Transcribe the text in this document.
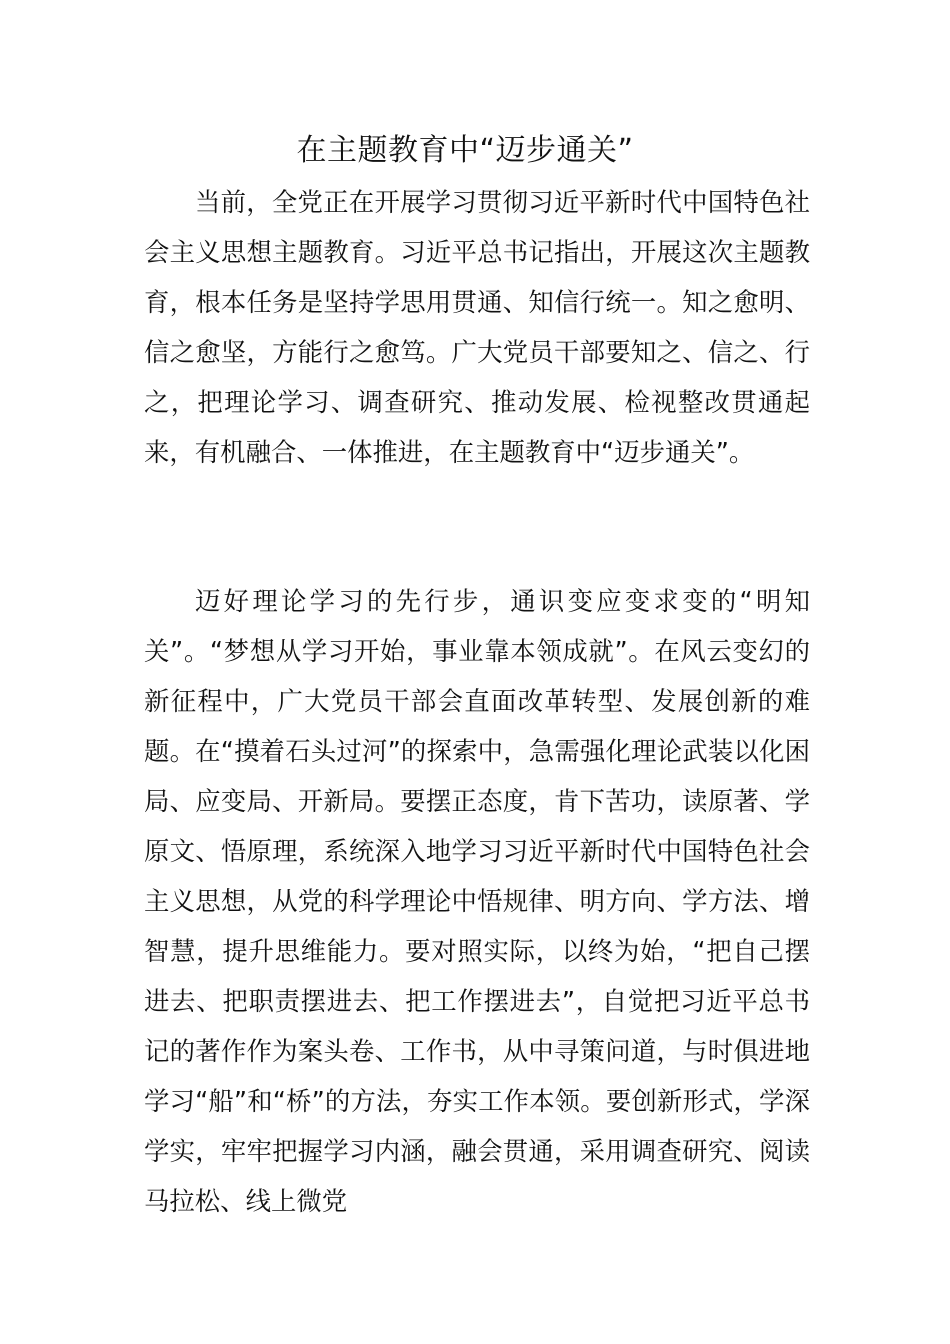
在主题教育中“迈步通关”

当前，全党正在开展学习贯彻习近平新时代中国特色社会主义思想主题教育。习近平总书记指出，开展这次主题教育，根本任务是坚持学思用贯通、知信行统一。知之愈明、信之愈坚，方能行之愈笃。广大党员干部要知之、信之、行之，把理论学习、调查研究、推动发展、检视整改贯通起来，有机融合、一体推进，在主题教育中“迈步通关”。

迈好理论学习的先行步，通识变应变求变的“明知关”。“梦想从学习开始，事业靠本领成就”。在风云变幻的新征程中，广大党员干部会直面改革转型、发展创新的难题。在“摸着石头过河”的探索中，急需强化理论武装以化困局、应变局、开新局。要摆正态度，肯下苦功，读原著、学原文、悟原理，系统深入地学习习近平新时代中国特色社会主义思想，从党的科学理论中悟规律、明方向、学方法、增智慧，提升思维能力。要对照实际，以终为始，“把自己摆进去、把职责摆进去、把工作摆进去”，自觉把习近平总书记的著作作为案头卷、工作书，从中寻策问道，与时俱进地学习“船”和“桥”的方法，夯实工作本领。要创新形式，学深学实，牢牢把握学习内涵，融会贯通，采用调查研究、阅读马拉松、线上微党
